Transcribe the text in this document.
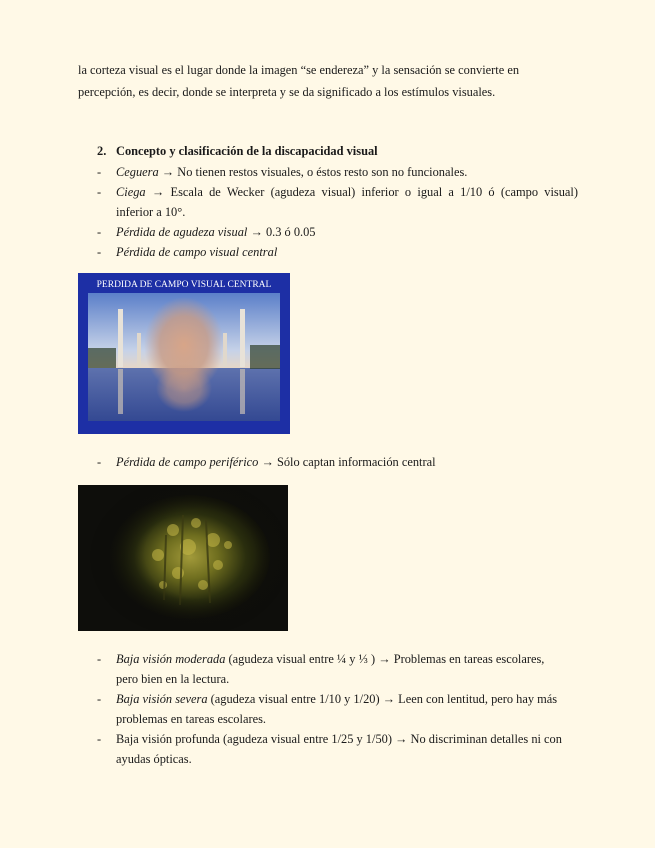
la corteza visual es el lugar donde la imagen “se endereza” y la sensación se convierte en
percepción, es decir, donde se interpreta y se da significado a los estímulos visuales.
2. Concepto y clasificación de la discapacidad visual
- Ceguera → No tienen restos visuales, o éstos resto son no funcionales.
- Ciega → Escala de Wecker (agudeza visual) inferior o igual a 1/10 ó (campo visual)
inferior a 10°.
- Pérdida de agudeza visual → 0.3 ó 0.05
- Pérdida de campo visual central
PERDIDA DE CAMPO VISUAL CENTRAL
- Pérdida de campo periférico → Sólo captan información central
- Baja visión moderada (agudeza visual entre ¼ y ⅓ ) → Problemas en tareas escolares,
pero bien en la lectura.
- Baja visión severa (agudeza visual entre 1/10 y 1/20) → Leen con lentitud, pero hay más
problemas en tareas escolares.
- Baja visión profunda (agudeza visual entre 1/25 y 1/50) → No discriminan detalles ni con
ayudas ópticas.
